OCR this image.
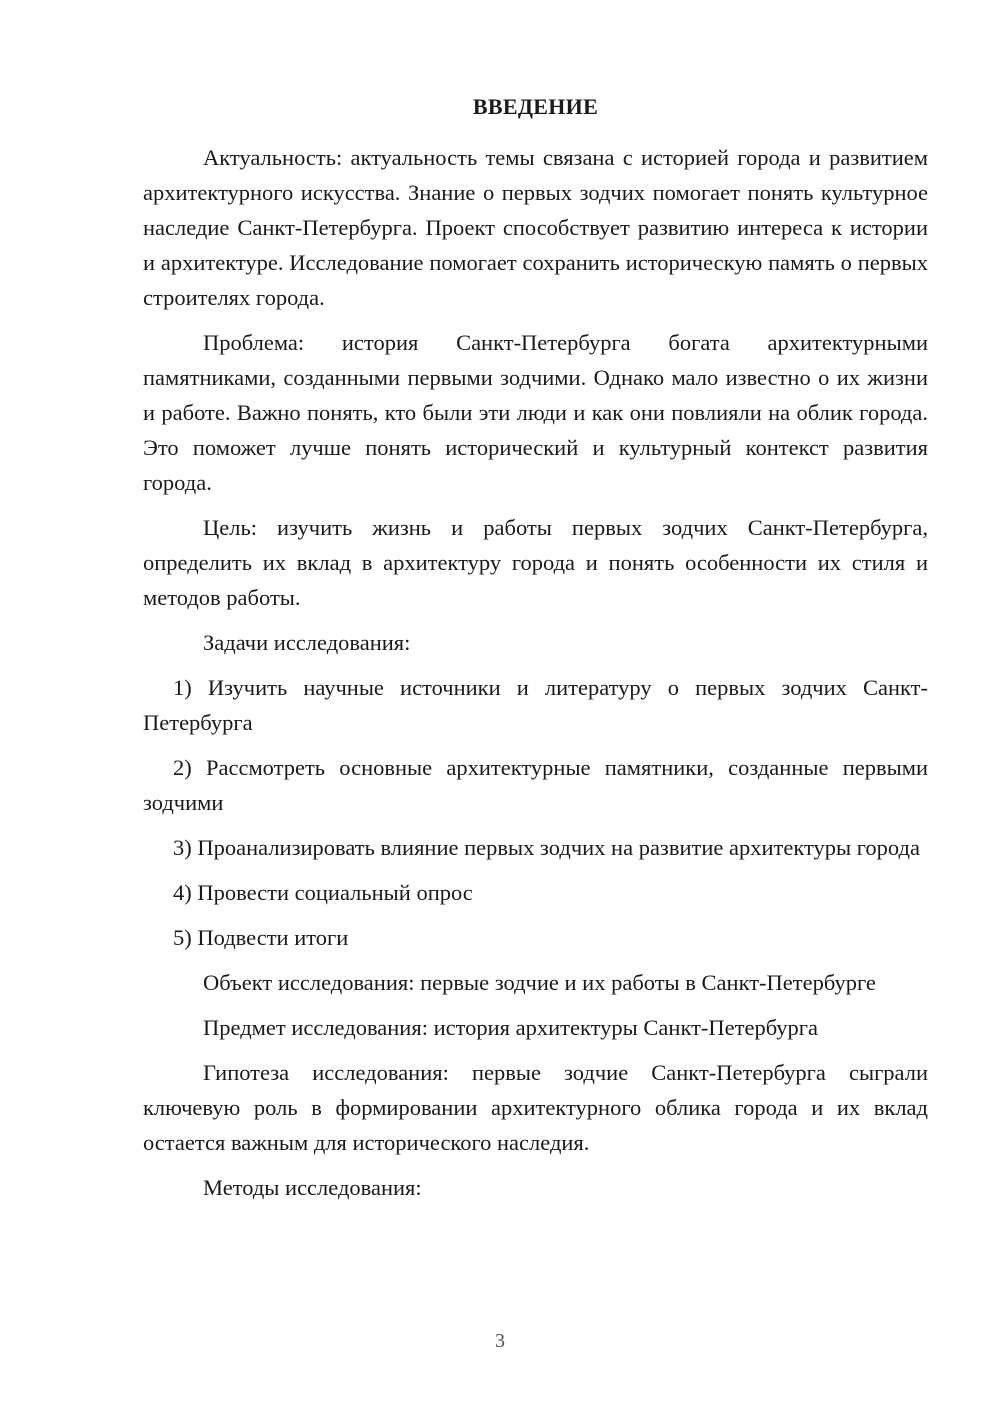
ВВЕДЕНИЕ

Актуальность: актуальность темы связана с историей города и развитием архитектурного искусства. Знание о первых зодчих помогает понять культурное наследие Санкт-Петербурга. Проект способствует развитию интереса к истории и архитектуре. Исследование помогает сохранить историческую память о первых строителях города.

Проблема: история Санкт-Петербурга богата архитектурными памятниками, созданными первыми зодчими. Однако мало известно о их жизни и работе. Важно понять, кто были эти люди и как они повлияли на облик города. Это поможет лучше понять исторический и культурный контекст развития города.

Цель: изучить жизнь и работы первых зодчих Санкт-Петербурга, определить их вклад в архитектуру города и понять особенности их стиля и методов работы.

Задачи исследования:

1) Изучить научные источники и литературу о первых зодчих Санкт-Петербурга

2) Рассмотреть основные архитектурные памятники, созданные первыми зодчими

3) Проанализировать влияние первых зодчих на развитие архитектуры города

4) Провести социальный опрос

5) Подвести итоги

Объект исследования: первые зодчие и их работы в Санкт-Петербурге

Предмет исследования: история архитектуры Санкт-Петербурга

Гипотеза исследования: первые зодчие Санкт-Петербурга сыграли ключевую роль в формировании архитектурного облика города и их вклад остается важным для исторического наследия.

Методы исследования:

3
